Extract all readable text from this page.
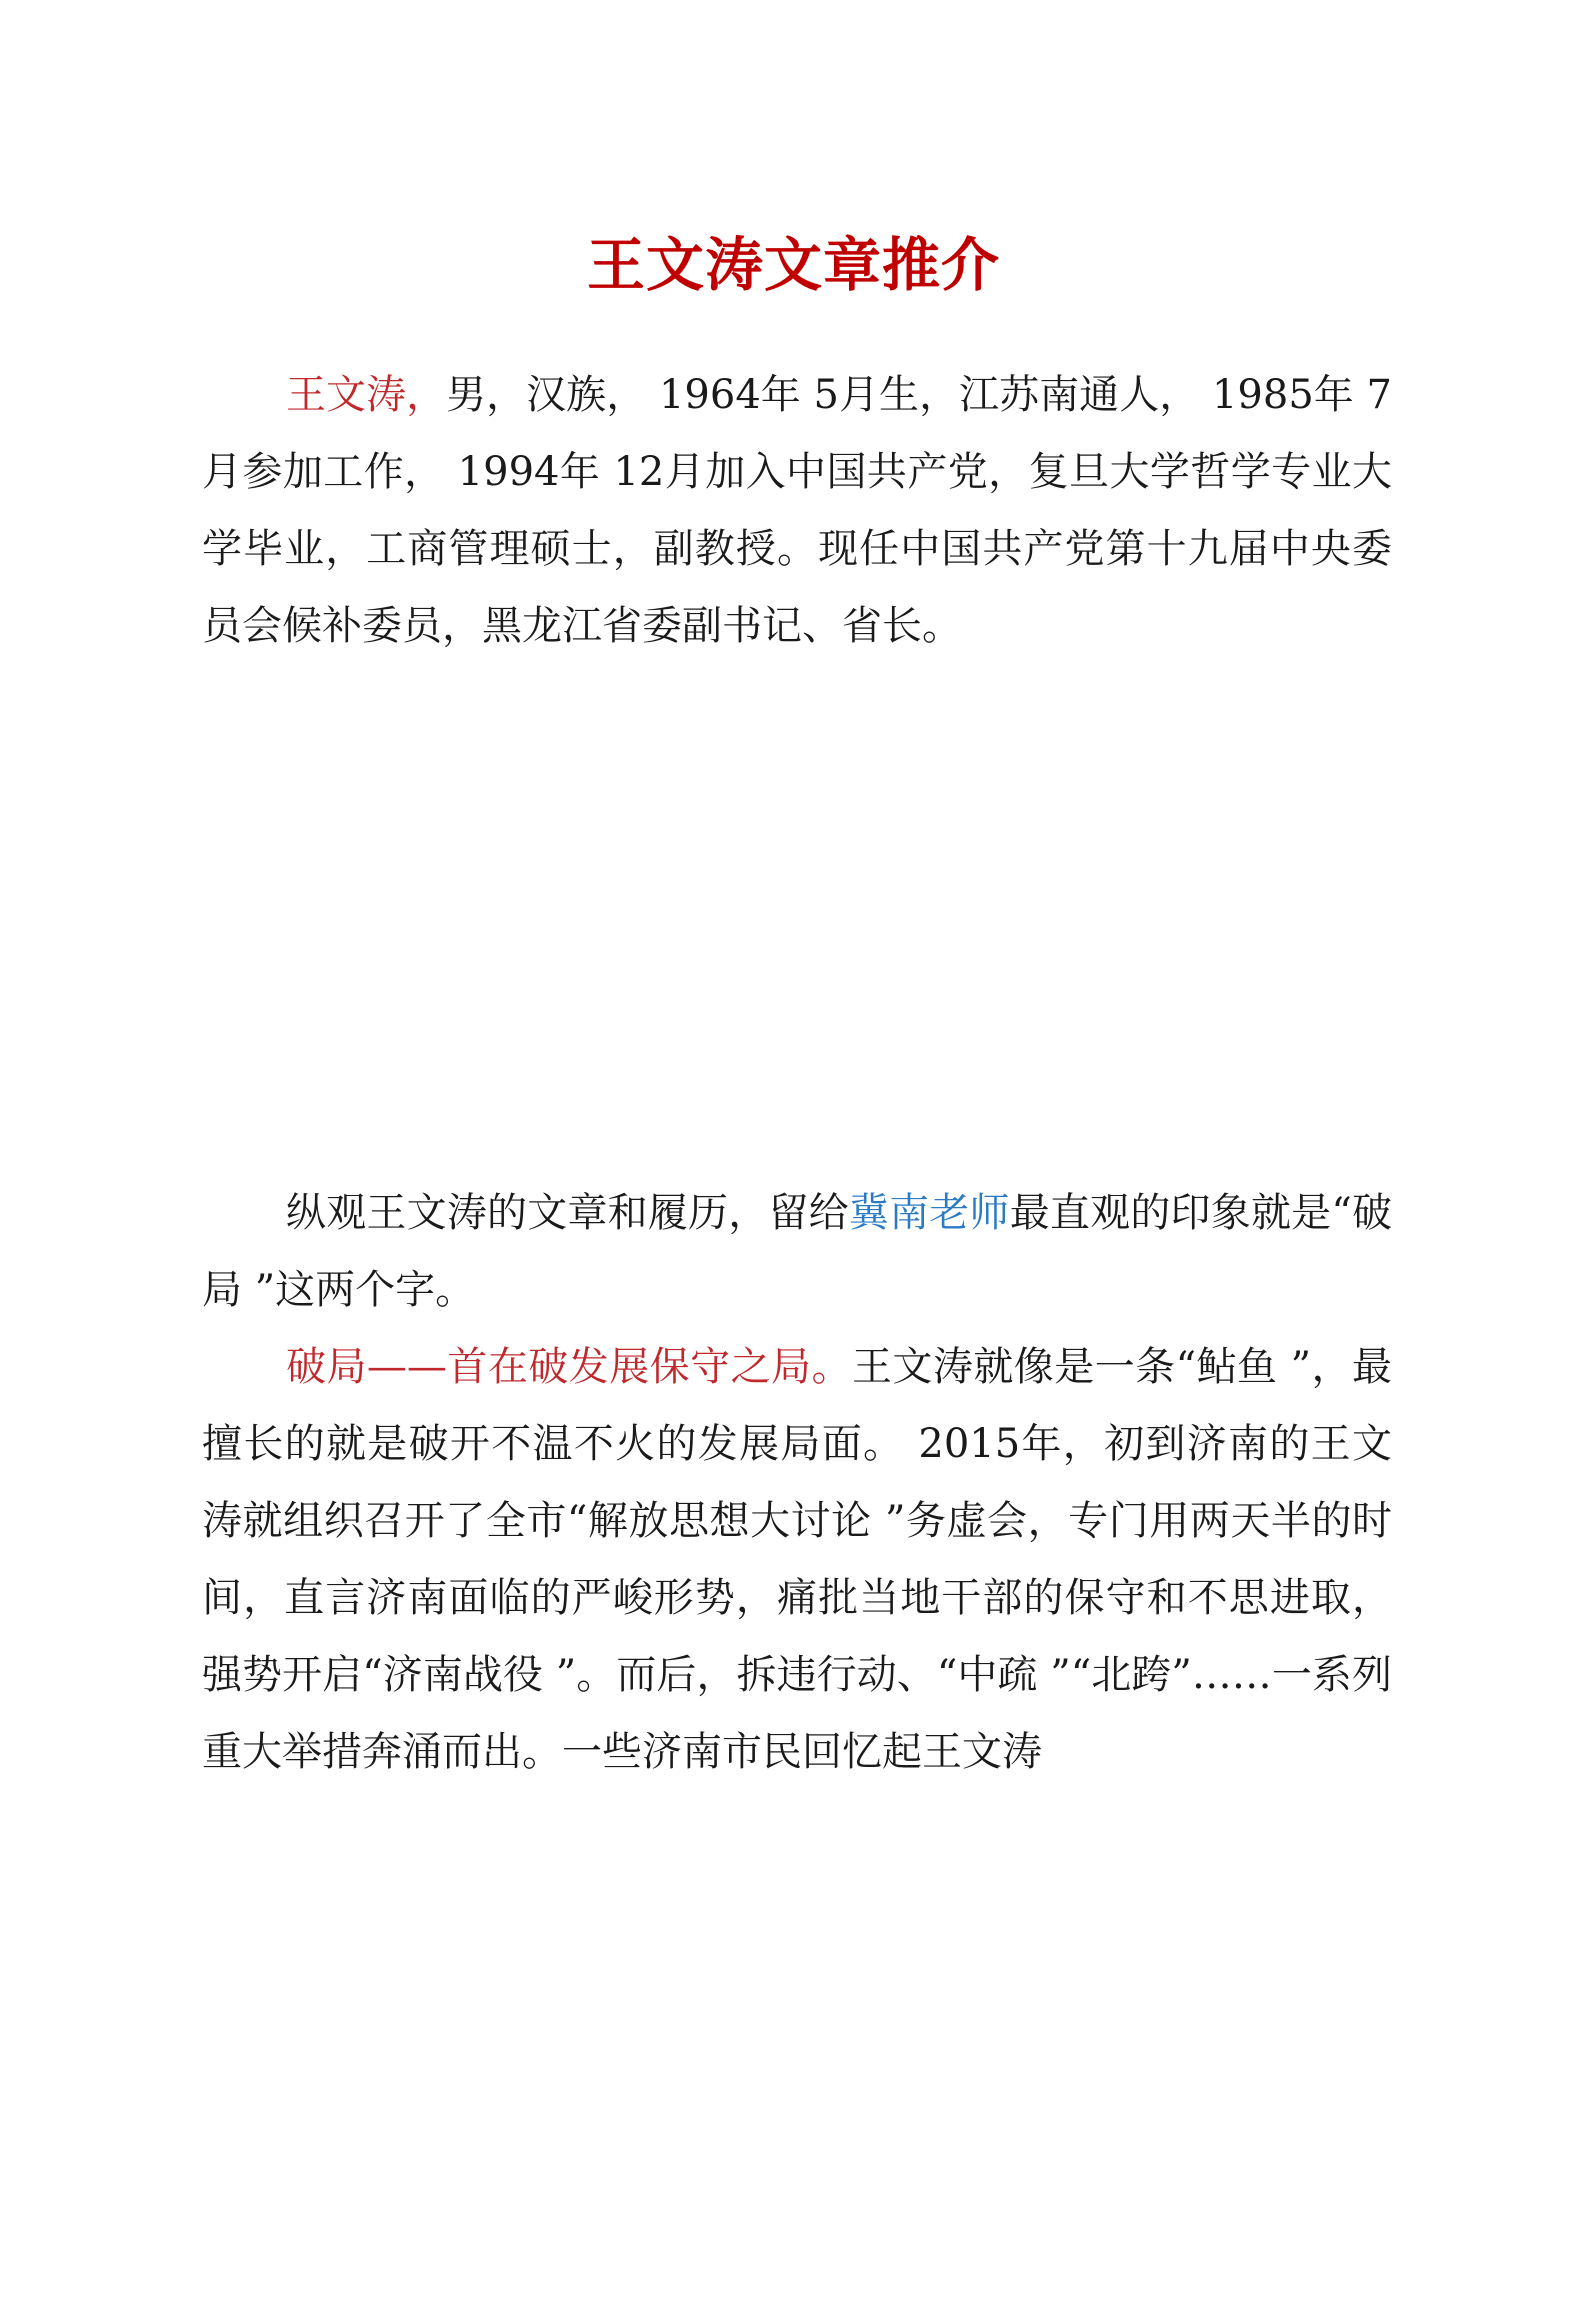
王文涛文章推介

王文涛，男，汉族， 1964年 5月生，江苏南通人， 1985年 7月参加工作， 1994年 12月加入中国共产党，复旦大学哲学专业大学毕业，工商管理硕士，副教授。现任中国共产党第十九届中央委员会候补委员，黑龙江省委副书记、省长。

纵观王文涛的文章和履历，留给冀南老师最直观的印象就是“破局 ”这两个字。

破局——首在破发展保守之局。王文涛就像是一条“鲇鱼 ”，最擅长的就是破开不温不火的发展局面。 2015年，初到济南的王文涛就组织召开了全市“解放思想大讨论 ”务虚会，专门用两天半的时间，直言济南面临的严峻形势，痛批当地干部的保守和不思进取，强势开启“济南战役 ”。而后，拆违行动、“中疏 ”“北跨”……一系列重大举措奔涌而出。一些济南市民回忆起王文涛
